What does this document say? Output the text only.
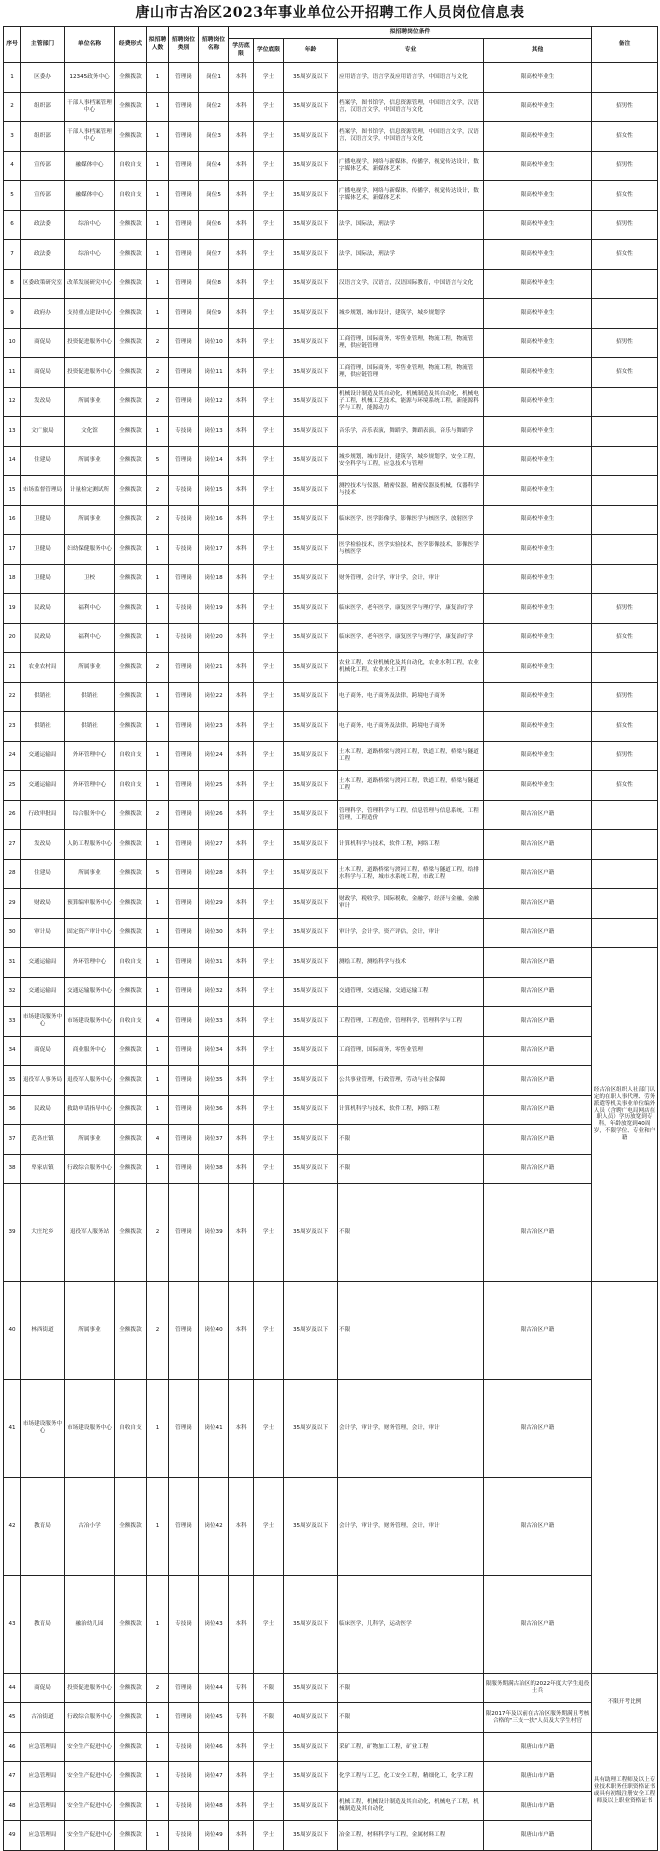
唐山市古冶区2023年事业单位公开招聘工作人员岗位信息表
序号	主管部门	单位名称	经费形式	拟招聘人数	招聘岗位类别	招聘岗位名称	拟招聘岗位条件					备注	
							学历底限	学位底限	年龄	专业	其他		
1	区委办	12345政务中心	全额拨款	1	管理岗	岗位1	本科	学士	35周岁及以下	应用语言学，语言学及应用语言学，中国语言与文化	限高校毕业生		
2	组织部	干部人事档案管理中心	全额拨款	1	管理岗	岗位2	本科	学士	35周岁及以下	档案学，图书馆学，信息资源管理，中国语言文学，汉语言，汉语言文学，中国语言与文化	限高校毕业生	招男性	
3	组织部	干部人事档案管理中心	全额拨款	1	管理岗	岗位3	本科	学士	35周岁及以下	档案学，图书馆学，信息资源管理，中国语言文学，汉语言，汉语言文学，中国语言与文化	限高校毕业生	招女性	
4	宣传部	融媒体中心	自收自支	1	管理岗	岗位4	本科	学士	35周岁及以下	广播电视学，网络与新媒体，传播学，视觉传达设计，数字媒体艺术，新媒体艺术	限高校毕业生	招男性	
5	宣传部	融媒体中心	自收自支	1	管理岗	岗位5	本科	学士	35周岁及以下	广播电视学，网络与新媒体，传播学，视觉传达设计，数字媒体艺术，新媒体艺术	限高校毕业生	招女性	
6	政法委	综治中心	全额拨款	1	管理岗	岗位6	本科	学士	35周岁及以下	法学，国际法，刑法学	限高校毕业生	招男性	
7	政法委	综治中心	全额拨款	1	管理岗	岗位7	本科	学士	35周岁及以下	法学，国际法，刑法学	限高校毕业生	招女性	
8	区委政策研究室	改革发展研究中心	全额拨款	1	管理岗	岗位8	本科	学士	35周岁及以下	汉语言文学，汉语言，汉语国际教育，中国语言与文化	限高校毕业生		
9	政府办	支持重点建设中心	全额拨款	1	管理岗	岗位9	本科	学士	35周岁及以下	城乡规划，城市设计，建筑学，城乡规划学	限高校毕业生		
10	商促局	投资促进服务中心	全额拨款	2	管理岗	岗位10	本科	学士	35周岁及以下	工商管理，国际商务，零售业管理，物流工程，物流管理，供应链管理	限高校毕业生	招男性	
11	商促局	投资促进服务中心	全额拨款	2	管理岗	岗位11	本科	学士	35周岁及以下	工商管理，国际商务，零售业管理，物流工程，物流管理，供应链管理	限高校毕业生	招女性	
12	发改局	所属事业	全额拨款	2	管理岗	岗位12	本科	学士	35周岁及以下	机械设计制造及其自动化，机械制造及其自动化，机械电子工程，机械工艺技术，能源与环境系统工程，新能源科学与工程，能源动力	限高校毕业生		
13	文广旅局	文化馆	全额拨款	1	专技岗	岗位13	本科	学士	35周岁及以下	音乐学，音乐表演，舞蹈学，舞蹈表演，音乐与舞蹈学	限高校毕业生		
14	住建局	所属事业	全额拨款	5	管理岗	岗位14	本科	学士	35周岁及以下	城乡规划，城市设计，建筑学，城乡规划学，安全工程，安全科学与工程，应急技术与管理	限高校毕业生		
15	市场监督管理局	计量检定测试所	全额拨款	2	专技岗	岗位15	本科	学士	35周岁及以下	测控技术与仪器，精密仪器，精密仪器及机械，仪器科学与技术	限高校毕业生		
16	卫健局	所属事业	全额拨款	2	专技岗	岗位16	本科	学士	35周岁及以下	临床医学，医学影像学，影像医学与核医学，放射医学	限高校毕业生		
17	卫健局	妇幼保健服务中心	全额拨款	1	专技岗	岗位17	本科	学士	35周岁及以下	医学检验技术，医学实验技术，医学影像技术，影像医学与核医学	限高校毕业生		
18	卫健局	卫校	全额拨款	1	管理岗	岗位18	本科	学士	35周岁及以下	财务管理，会计学，审计学，会计，审计	限高校毕业生		
19	民政局	福利中心	全额拨款	1	专技岗	岗位19	本科	学士	35周岁及以下	临床医学，老年医学，康复医学与理疗学，康复治疗学	限高校毕业生	招男性	
20	民政局	福利中心	全额拨款	1	专技岗	岗位20	本科	学士	35周岁及以下	临床医学，老年医学，康复医学与理疗学，康复治疗学	限高校毕业生	招女性	
21	农业农村局	所属事业	全额拨款	2	管理岗	岗位21	本科	学士	35周岁及以下	农业工程，农业机械化及其自动化，农业水利工程，农业机械化工程，农业水土工程	限高校毕业生		
22	供销社	供销社	全额拨款	1	管理岗	岗位22	本科	学士	35周岁及以下	电子商务，电子商务及法律，跨境电子商务	限高校毕业生	招男性	
23	供销社	供销社	全额拨款	1	管理岗	岗位23	本科	学士	35周岁及以下	电子商务，电子商务及法律，跨境电子商务	限高校毕业生	招女性	
24	交通运输局	外环管理中心	自收自支	1	管理岗	岗位24	本科	学士	35周岁及以下	土木工程，道路桥梁与渡河工程，铁道工程，桥梁与隧道工程	限高校毕业生	招男性	
25	交通运输局	外环管理中心	自收自支	1	管理岗	岗位25	本科	学士	35周岁及以下	土木工程，道路桥梁与渡河工程，铁道工程，桥梁与隧道工程	限高校毕业生	招女性	
26	行政审批局	综合服务中心	全额拨款	2	管理岗	岗位26	本科	学士	35周岁及以下	管理科学，管理科学与工程，信息管理与信息系统，工程管理，工程造价	限古冶区户籍		
27	发改局	人防工程服务中心	全额拨款	1	管理岗	岗位27	本科	学士	35周岁及以下	计算机科学与技术，软件工程，网络工程	限古冶区户籍		
28	住建局	所属事业	全额拨款	5	管理岗	岗位28	本科	学士	35周岁及以下	土木工程，道路桥梁与渡河工程，桥梁与隧道工程，给排水科学与工程，城市水系统工程，市政工程	限古冶区户籍		
29	财政局	预算编审服务中心	全额拨款	1	管理岗	岗位29	本科	学士	35周岁及以下	财政学，税收学，国际税收，金融学，经济与金融，金融审计	限古冶区户籍		
30	审计局	固定资产审计中心	全额拨款	1	管理岗	岗位30	本科	学士	35周岁及以下	审计学，会计学，资产评估，会计，审计	限古冶区户籍		
31	交通运输局	外环管理中心	自收自支	1	管理岗	岗位31	本科	学士	35周岁及以下	测绘工程，测绘科学与技术	限古冶区户籍	经古冶区组织人社部门认定的在职人事代理、劳务派遣等机关事业单位编外人员（含聘广电局网店在职人员）学历放宽到专科，年龄放宽到40周岁，不限学位、专业和户籍	
32	交通运输局	交通运输服务中心	全额拨款	1	管理岗	岗位32	本科	学士	35周岁及以下	交通管理，交通运输，交通运输工程	限古冶区户籍		
33	市场建设服务中心	市场建设服务中心	自收自支	4	管理岗	岗位33	本科	学士	35周岁及以下	工程管理，工程造价，管理科学，管理科学与工程	限古冶区户籍		
34	商促局	商业服务中心	全额拨款	1	管理岗	岗位34	本科	学士	35周岁及以下	工商管理，国际商务，零售业管理	限古冶区户籍		
35	退役军人事务局	退役军人服务中心	全额拨款	1	管理岗	岗位35	本科	学士	35周岁及以下	公共事业管理，行政管理，劳动与社会保障	限古冶区户籍		
36	民政局	救助申请指导中心	全额拨款	1	管理岗	岗位36	本科	学士	35周岁及以下	计算机科学与技术，软件工程，网络工程	限古冶区户籍		
37	范各庄镇	所属事业	全额拨款	4	管理岗	岗位37	本科	学士	35周岁及以下	不限	限古冶区户籍		
38	卑家店镇	行政综合服务中心	全额拨款	1	管理岗	岗位38	本科	学士	35周岁及以下	不限	限古冶区户籍		
39	大庄坨乡	退役军人服务站	全额拨款	2	管理岗	岗位39	本科	学士	35周岁及以下	不限	限古冶区户籍	
40	林西街道	所属事业	全额拨款	2	管理岗	岗位40	本科	学士	35周岁及以下	不限	限古冶区户籍		
41	市场建设服务中心	市场建设服务中心	自收自支	1	管理岗	岗位41	本科	学士	35周岁及以下	会计学，审计学，财务管理，会计，审计	限古冶区户籍		
42	教育局	古冶小学	全额拨款	1	管理岗	岗位42	本科	学士	35周岁及以下	会计学，审计学，财务管理，会计，审计	限古冶区户籍		
43	教育局	融治幼儿园	全额拨款	1	专技岗	岗位43	本科	学士	35周岁及以下	临床医学，儿科学，运动医学	限古冶区户籍		
44	商促局	投资促进服务中心	全额拨款	2	管理岗	岗位44	专科	不限	35周岁及以下	不限	限服务期满古冶区的2022年度大学生退役士兵	不限开考比例	
45	古冶街道	行政综合服务中心	全额拨款	1	管理岗	岗位45	专科	不限	40周岁及以下	不限	限2017年及以前在古冶区服务期满且考核合格的"三支一扶"人员及大学生村官		
46	应急管理局	安全生产促进中心	全额拨款	1	专技岗	岗位46	本科	学士	35周岁及以下	采矿工程，矿物加工工程，矿业工程	限唐山市户籍	具有助理工程师及以上专业技术职务任职资格证书或具有初级注册安全工程师及以上职业资格证书	
47	应急管理局	安全生产促进中心	全额拨款	1	专技岗	岗位47	本科	学士	35周岁及以下	化学工程与工艺，化工安全工程，精细化工，化学工程	限唐山市户籍		
48	应急管理局	安全生产促进中心	全额拨款	1	专技岗	岗位48	本科	学士	35周岁及以下	机械工程，机械设计制造及其自动化，机械电子工程，机械制造及其自动化	限唐山市户籍		
49	应急管理局	安全生产促进中心	全额拨款	1	专技岗	岗位49	本科	学士	35周岁及以下	冶金工程，材料科学与工程，金属材料工程	限唐山市户籍		
